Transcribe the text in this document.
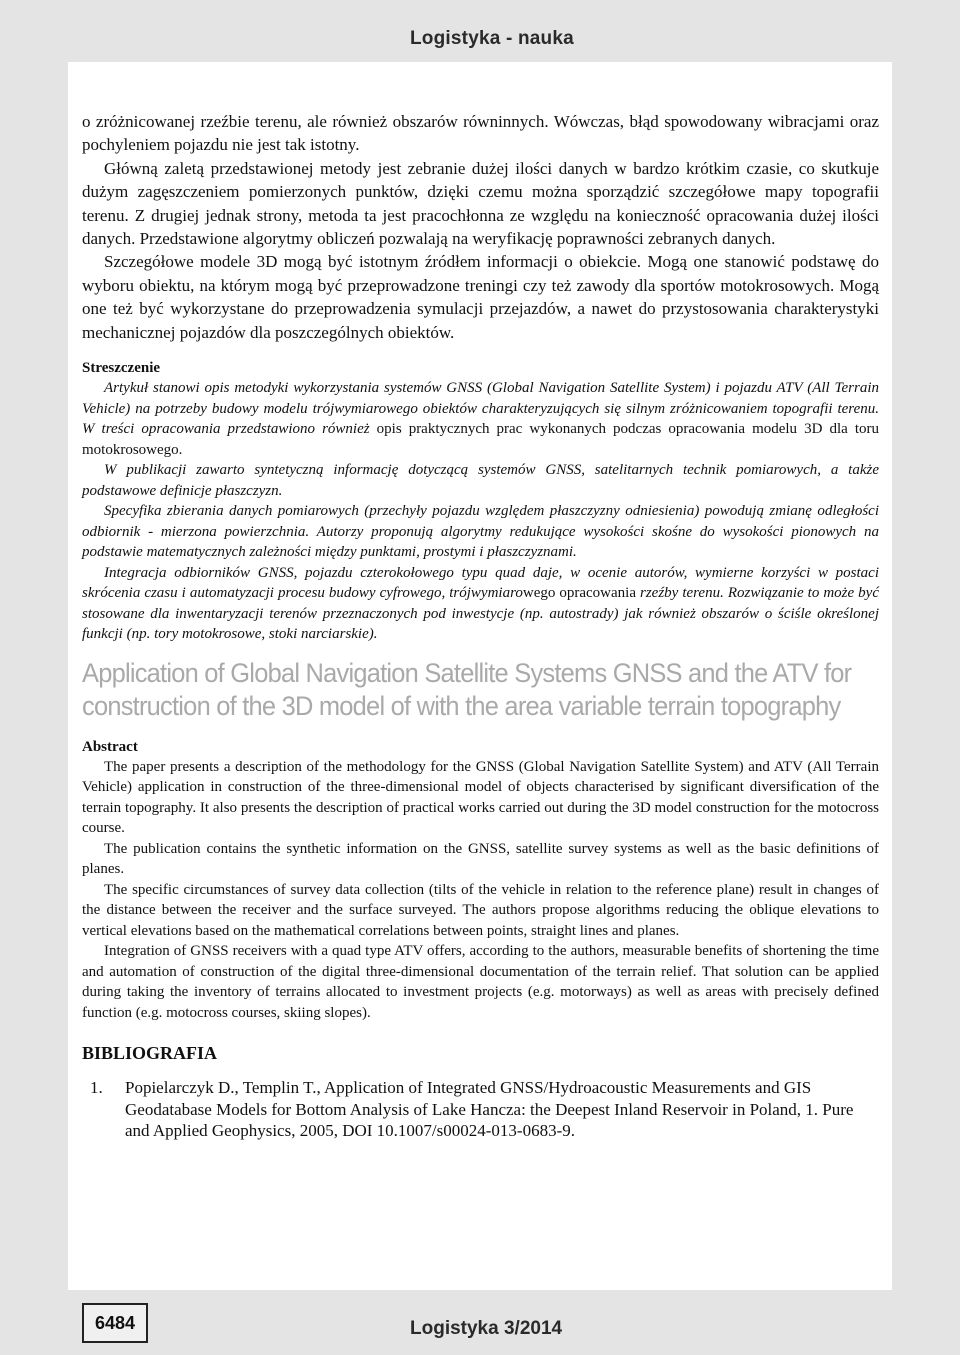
Logistyka - nauka

o zróżnicowanej rzeźbie terenu, ale również obszarów równinnych. Wówczas, błąd spowodowany wibracjami oraz pochyleniem pojazdu nie jest tak istotny.

Główną zaletą przedstawionej metody jest zebranie dużej ilości danych w bardzo krótkim czasie, co skutkuje dużym zagęszczeniem pomierzonych punktów, dzięki czemu można sporządzić szczegółowe mapy topografii terenu. Z drugiej jednak strony, metoda ta jest pracochłonna ze względu na konieczność opracowania dużej ilości danych. Przedstawione algorytmy obliczeń pozwalają na weryfikację poprawności zebranych danych.

Szczegółowe modele 3D mogą być istotnym źródłem informacji o obiekcie. Mogą one stanowić podstawę do wyboru obiektu, na którym mogą być przeprowadzone treningi czy też zawody dla sportów motokrosowych. Mogą one też być wykorzystane do przeprowadzenia symulacji przejazdów, a nawet do przystosowania charakterystyki mechanicznej pojazdów dla poszczególnych obiektów.

Streszczenie

Artykuł stanowi opis metodyki wykorzystania systemów GNSS (Global Navigation Satellite System) i pojazdu ATV (All Terrain Vehicle) na potrzeby budowy modelu trójwymiarowego obiektów charakteryzujących się silnym zróżnicowaniem topografii terenu. W treści opracowania przedstawiono również opis praktycznych prac wykonanych podczas opracowania modelu 3D dla toru motokrosowego.

W publikacji zawarto syntetyczną informację dotyczącą systemów GNSS, satelitarnych technik pomiarowych, a także podstawowe definicje płaszczyzn.

Specyfika zbierania danych pomiarowych (przechyły pojazdu względem płaszczyzny odniesienia) powodują zmianę odległości odbiornik - mierzona powierzchnia. Autorzy proponują algorytmy redukujące wysokości skośne do wysokości pionowych na podstawie matematycznych zależności między punktami, prostymi i płaszczyznami.

Integracja odbiorników GNSS, pojazdu czterokołowego typu quad daje, w ocenie autorów, wymierne korzyści w postaci skrócenia czasu i automatyzacji procesu budowy cyfrowego, trójwymiarowego opracowania rzeźby terenu. Rozwiązanie to może być stosowane dla inwentaryzacji terenów przeznaczonych pod inwestycje (np. autostrady) jak również obszarów o ściśle określonej funkcji (np. tory motokrosowe, stoki narciarskie).

Application of Global Navigation Satellite Systems GNSS and the ATV for construction of the 3D model of with the area variable terrain topography
Abstract

The paper presents a description of the methodology for the GNSS (Global Navigation Satellite System) and ATV (All Terrain Vehicle) application in construction of the three-dimensional model of objects characterised by significant diversification of the terrain topography. It also presents the description of practical works carried out during the 3D model construction for the motocross course.

The publication contains the synthetic information on the GNSS, satellite survey systems as well as the basic definitions of planes.

The specific circumstances of survey data collection (tilts of the vehicle in relation to the reference plane) result in changes of the distance between the receiver and the surface surveyed. The authors propose algorithms reducing the oblique elevations to vertical elevations based on the mathematical correlations between points, straight lines and planes.

Integration of GNSS receivers with a quad type ATV offers, according to the authors, measurable benefits of shortening the time and automation of construction of the digital three-dimensional documentation of the terrain relief. That solution can be applied during taking the inventory of terrains allocated to investment projects (e.g. motorways) as well as areas with precisely defined function (e.g. motocross courses, skiing slopes).

BIBLIOGRAFIA
1.	Popielarczyk D., Templin T., Application of Integrated GNSS/Hydroacoustic Measurements and GIS Geodatabase Models for Bottom Analysis of Lake Hancza: the Deepest Inland Reservoir in Poland, 1. Pure and Applied Geophysics, 2005, DOI 10.1007/s00024-013-0683-9.
6484	Logistyka 3/2014
